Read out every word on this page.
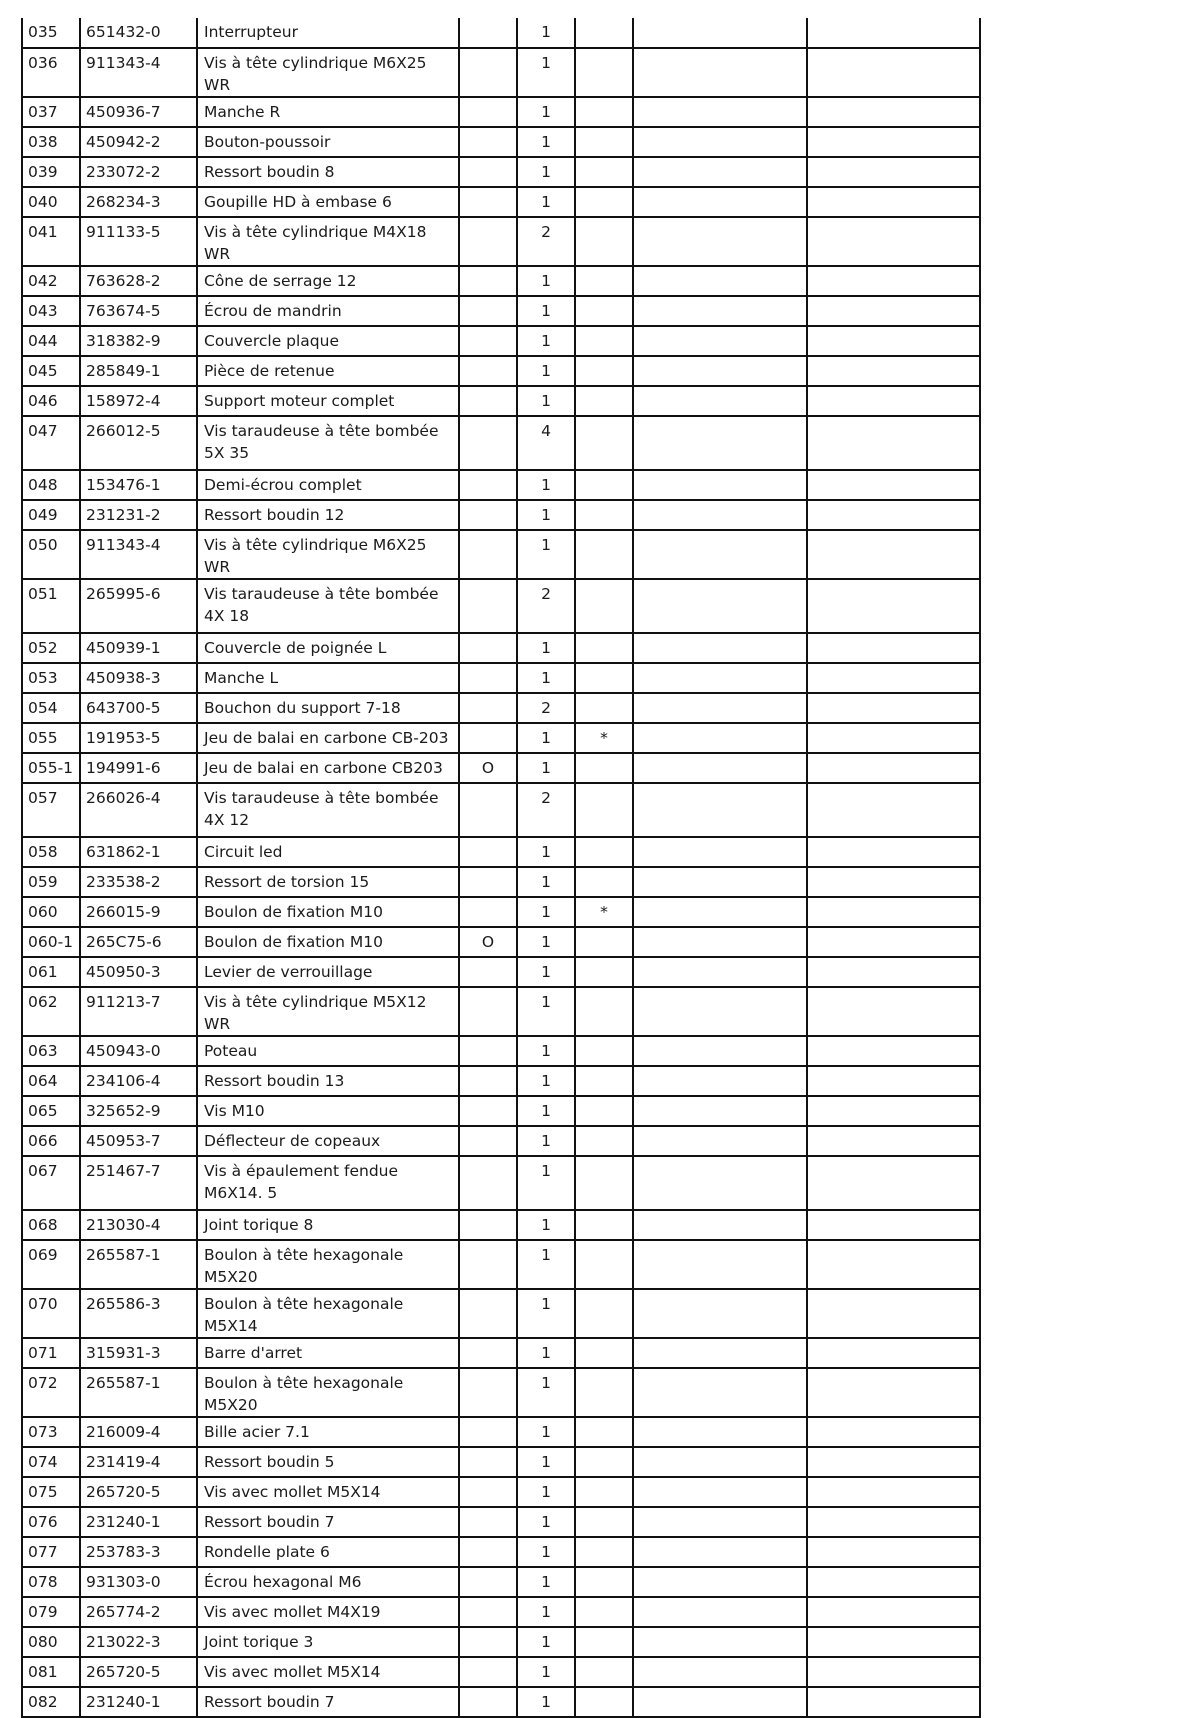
035	651432-0	Interrupteur		1			
036	911343-4	Vis à tête cylindrique M6X25 WR		1			
037	450936-7	Manche R		1			
038	450942-2	Bouton-poussoir		1			
039	233072-2	Ressort boudin 8		1			
040	268234-3	Goupille HD à embase 6		1			
041	911133-5	Vis à tête cylindrique M4X18 WR		2			
042	763628-2	Cône de serrage 12		1			
043	763674-5	Écrou de mandrin		1			
044	318382-9	Couvercle plaque		1			
045	285849-1	Pièce de retenue		1			
046	158972-4	Support moteur complet		1			
047	266012-5	Vis taraudeuse à tête bombée 5X 35		4			
048	153476-1	Demi-écrou complet		1			
049	231231-2	Ressort boudin 12		1			
050	911343-4	Vis à tête cylindrique M6X25 WR		1			
051	265995-6	Vis taraudeuse à tête bombée 4X 18		2			
052	450939-1	Couvercle de poignée L		1			
053	450938-3	Manche L		1			
054	643700-5	Bouchon du support 7-18		2			
055	191953-5	Jeu de balai en carbone CB-203		1	*		
055-1	194991-6	Jeu de balai en carbone CB203	O	1			
057	266026-4	Vis taraudeuse à tête bombée 4X 12		2			
058	631862-1	Circuit led		1			
059	233538-2	Ressort de torsion 15		1			
060	266015-9	Boulon de fixation M10		1	*		
060-1	265C75-6	Boulon de fixation M10	O	1			
061	450950-3	Levier de verrouillage		1			
062	911213-7	Vis à tête cylindrique M5X12 WR		1			
063	450943-0	Poteau		1			
064	234106-4	Ressort boudin 13		1			
065	325652-9	Vis M10		1			
066	450953-7	Déflecteur de copeaux		1			
067	251467-7	Vis à épaulement fendue M6X14. 5		1			
068	213030-4	Joint torique 8		1			
069	265587-1	Boulon à tête hexagonale M5X20		1			
070	265586-3	Boulon à tête hexagonale M5X14		1			
071	315931-3	Barre d'arret		1			
072	265587-1	Boulon à tête hexagonale M5X20		1			
073	216009-4	Bille acier 7.1		1			
074	231419-4	Ressort boudin 5		1			
075	265720-5	Vis avec mollet M5X14		1			
076	231240-1	Ressort boudin 7		1			
077	253783-3	Rondelle plate 6		1			
078	931303-0	Écrou hexagonal M6		1			
079	265774-2	Vis avec mollet M4X19		1			
080	213022-3	Joint torique 3		1			
081	265720-5	Vis avec mollet M5X14		1			
082	231240-1	Ressort boudin 7		1			
